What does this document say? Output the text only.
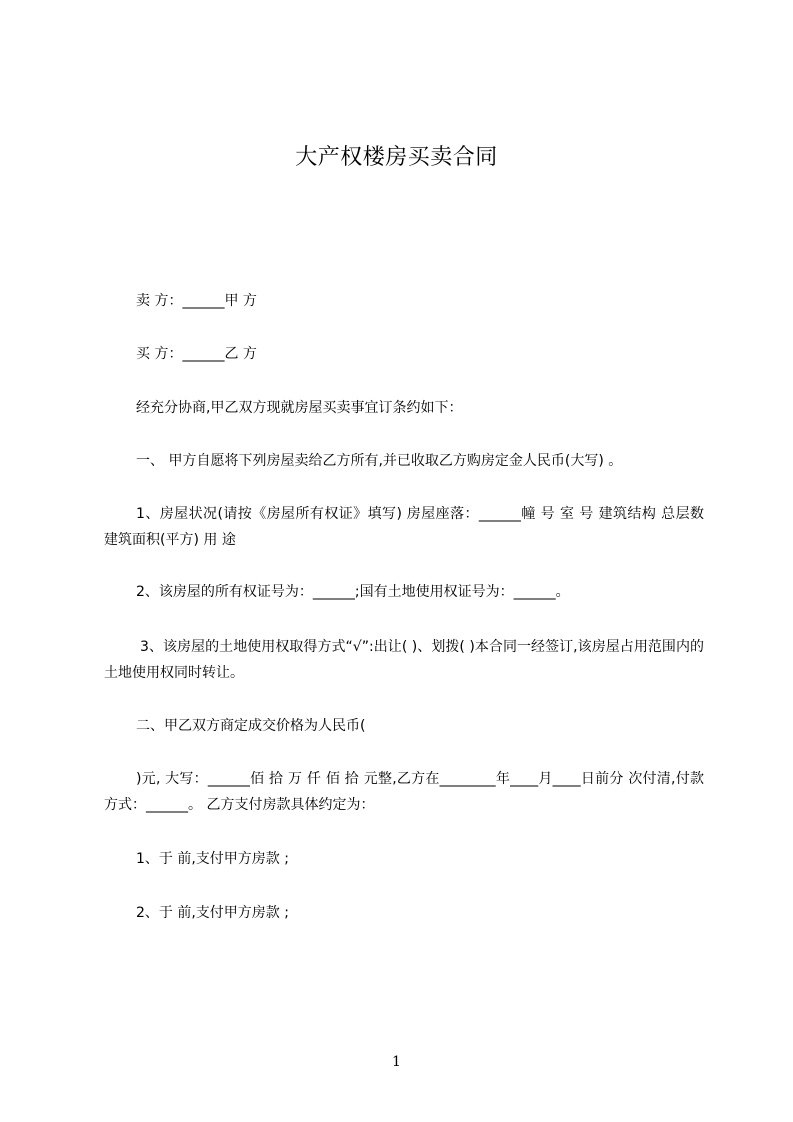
大产权楼房买卖合同
卖 方：______甲 方
买 方：______乙 方
经充分协商,甲乙双方现就房屋买卖事宜订条约如下：
一、 甲方自愿将下列房屋卖给乙方所有,并已收取乙方购房定金人民币(大写) 。
1、房屋状况(请按《房屋所有权证》填写) 房屋座落：______幢 号 室 号 建筑结构 总层数 建筑面积(平方) 用 途
2、该房屋的所有权证号为：______;国有土地使用权证号为：______。
3、该房屋的土地使用权取得方式“√”:出让( )、划拨( )本合同一经签订,该房屋占用范围内的土地使用权同时转让。
二、甲乙双方商定成交价格为人民币(
)元, 大写：______佰 拾 万 仟 佰 拾 元整,乙方在________年____月____日前分 次付清,付款方式：______。 乙方支付房款具体约定为：
1、于 前,支付甲方房款 ;
2、于 前,支付甲方房款 ;
1
